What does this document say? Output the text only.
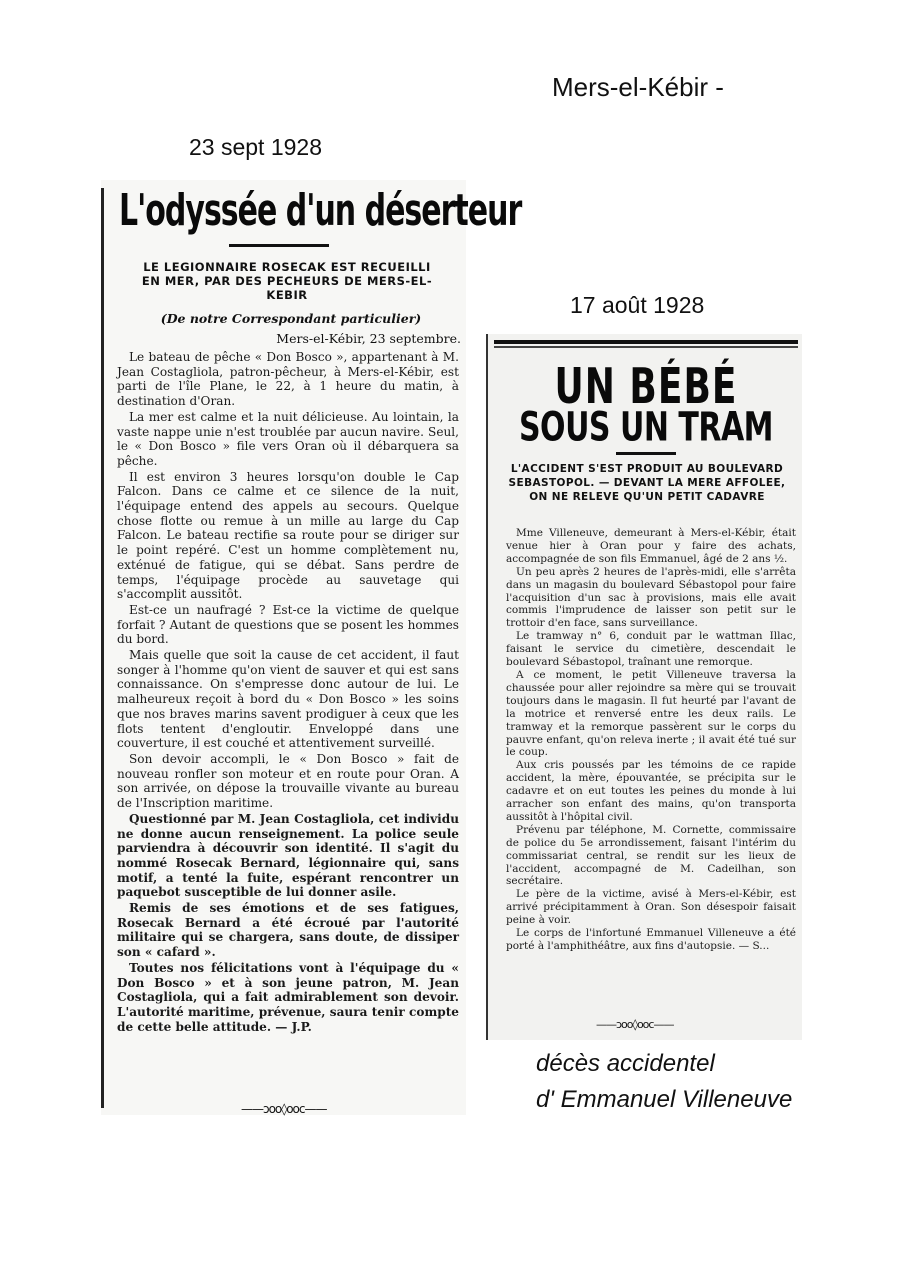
Mers-el-Kébir -
23 sept 1928
17 août 1928
L'odyssée d'un déserteur
LE LEGIONNAIRE ROSECAK EST RECUEILLI EN MER, PAR DES PECHEURS DE MERS-EL-KEBIR
(De notre Correspondant particulier)
Mers-el-Kébir, 23 septembre.

Le bateau de pêche « Don Bosco », appartenant à M. Jean Costagliola, patron-pêcheur, à Mers-el-Kébir, est parti de l'île Plane, le 22, à 1 heure du matin, à destination d'Oran.

La mer est calme et la nuit délicieuse. Au lointain, la vaste nappe unie n'est troublée par aucun navire. Seul, le « Don Bosco » file vers Oran où il débarquera sa pêche.

Il est environ 3 heures lorsqu'on double le Cap Falcon. Dans ce calme et ce silence de la nuit, l'équipage entend des appels au secours. Quelque chose flotte ou remue à un mille au large du Cap Falcon. Le bateau rectifie sa route pour se diriger sur le point repéré. C'est un homme complètement nu, exténué de fatigue, qui se débat. Sans perdre de temps, l'équipage procède au sauvetage qui s'accomplit aussitôt.

Est-ce un naufragé ? Est-ce la victime de quelque forfait ? Autant de questions que se posent les hommes du bord.

Mais quelle que soit la cause de cet accident, il faut songer à l'homme qu'on vient de sauver et qui est sans connaissance. On s'empresse donc autour de lui. Le malheureux reçoit à bord du « Don Bosco » les soins que nos braves marins savent prodiguer à ceux que les flots tentent d'engloutir. Enveloppé dans une couverture, il est couché et attentivement surveillé.

Son devoir accompli, le « Don Bosco » fait de nouveau ronfler son moteur et en route pour Oran. A son arrivée, on dépose la trouvaille vivante au bureau de l'Inscription maritime.

Questionné par M. Jean Costagliola, cet individu ne donne aucun renseignement. La police seule parviendra à découvrir son identité. Il s'agit du nommé Rosecak Bernard, légionnaire qui, sans motif, a tenté la fuite, espérant rencontrer un paquebot susceptible de lui donner asile.

Remis de ses émotions et de ses fatigues, Rosecak Bernard a été écroué par l'autorité militaire qui se chargera, sans doute, de dissiper son « cafard ».

Toutes nos félicitations vont à l'équipage du « Don Bosco » et à son jeune patron, M. Jean Costagliola, qui a fait admirablement son devoir. L'autorité maritime, prévenue, saura tenir compte de cette belle attitude. — J.P.

——ɔoo◊ooc——
UN BÉBÉ
SOUS UN TRAM
L'ACCIDENT S'EST PRODUIT AU BOULEVARD SEBASTOPOL. — DEVANT LA MERE AFFOLEE, ON NE RELEVE QU'UN PETIT CADAVRE

Mme Villeneuve, demeurant à Mers-el-Kébir, était venue hier à Oran pour y faire des achats, accompagnée de son fils Emmanuel, âgé de 2 ans ½.

Un peu après 2 heures de l'après-midi, elle s'arrêta dans un magasin du boulevard Sébastopol pour faire l'acquisition d'un sac à provisions, mais elle avait commis l'imprudence de laisser son petit sur le trottoir d'en face, sans surveillance.

Le tramway n° 6, conduit par le wattman Illac, faisant le service du cimetière, descendait le boulevard Sébastopol, traînant une remorque.

A ce moment, le petit Villeneuve traversa la chaussée pour aller rejoindre sa mère qui se trouvait toujours dans le magasin. Il fut heurté par l'avant de la motrice et renversé entre les deux rails. Le tramway et la remorque passèrent sur le corps du pauvre enfant, qu'on releva inerte ; il avait été tué sur le coup.

Aux cris poussés par les témoins de ce rapide accident, la mère, épouvantée, se précipita sur le cadavre et on eut toutes les peines du monde à lui arracher son enfant des mains, qu'on transporta aussitôt à l'hôpital civil.

Prévenu par téléphone, M. Cornette, commissaire de police du 5e arrondissement, faisant l'intérim du commissariat central, se rendit sur les lieux de l'accident, accompagné de M. Cadeilhan, son secrétaire.

Le père de la victime, avisé à Mers-el-Kébir, est arrivé précipitamment à Oran. Son désespoir faisait peine à voir.

Le corps de l'infortuné Emmanuel Villeneuve a été porté à l'amphithéâtre, aux fins d'autopsie. — S...

——ɔoo◊ooc——
décès accidentel
d' Emmanuel Villeneuve
